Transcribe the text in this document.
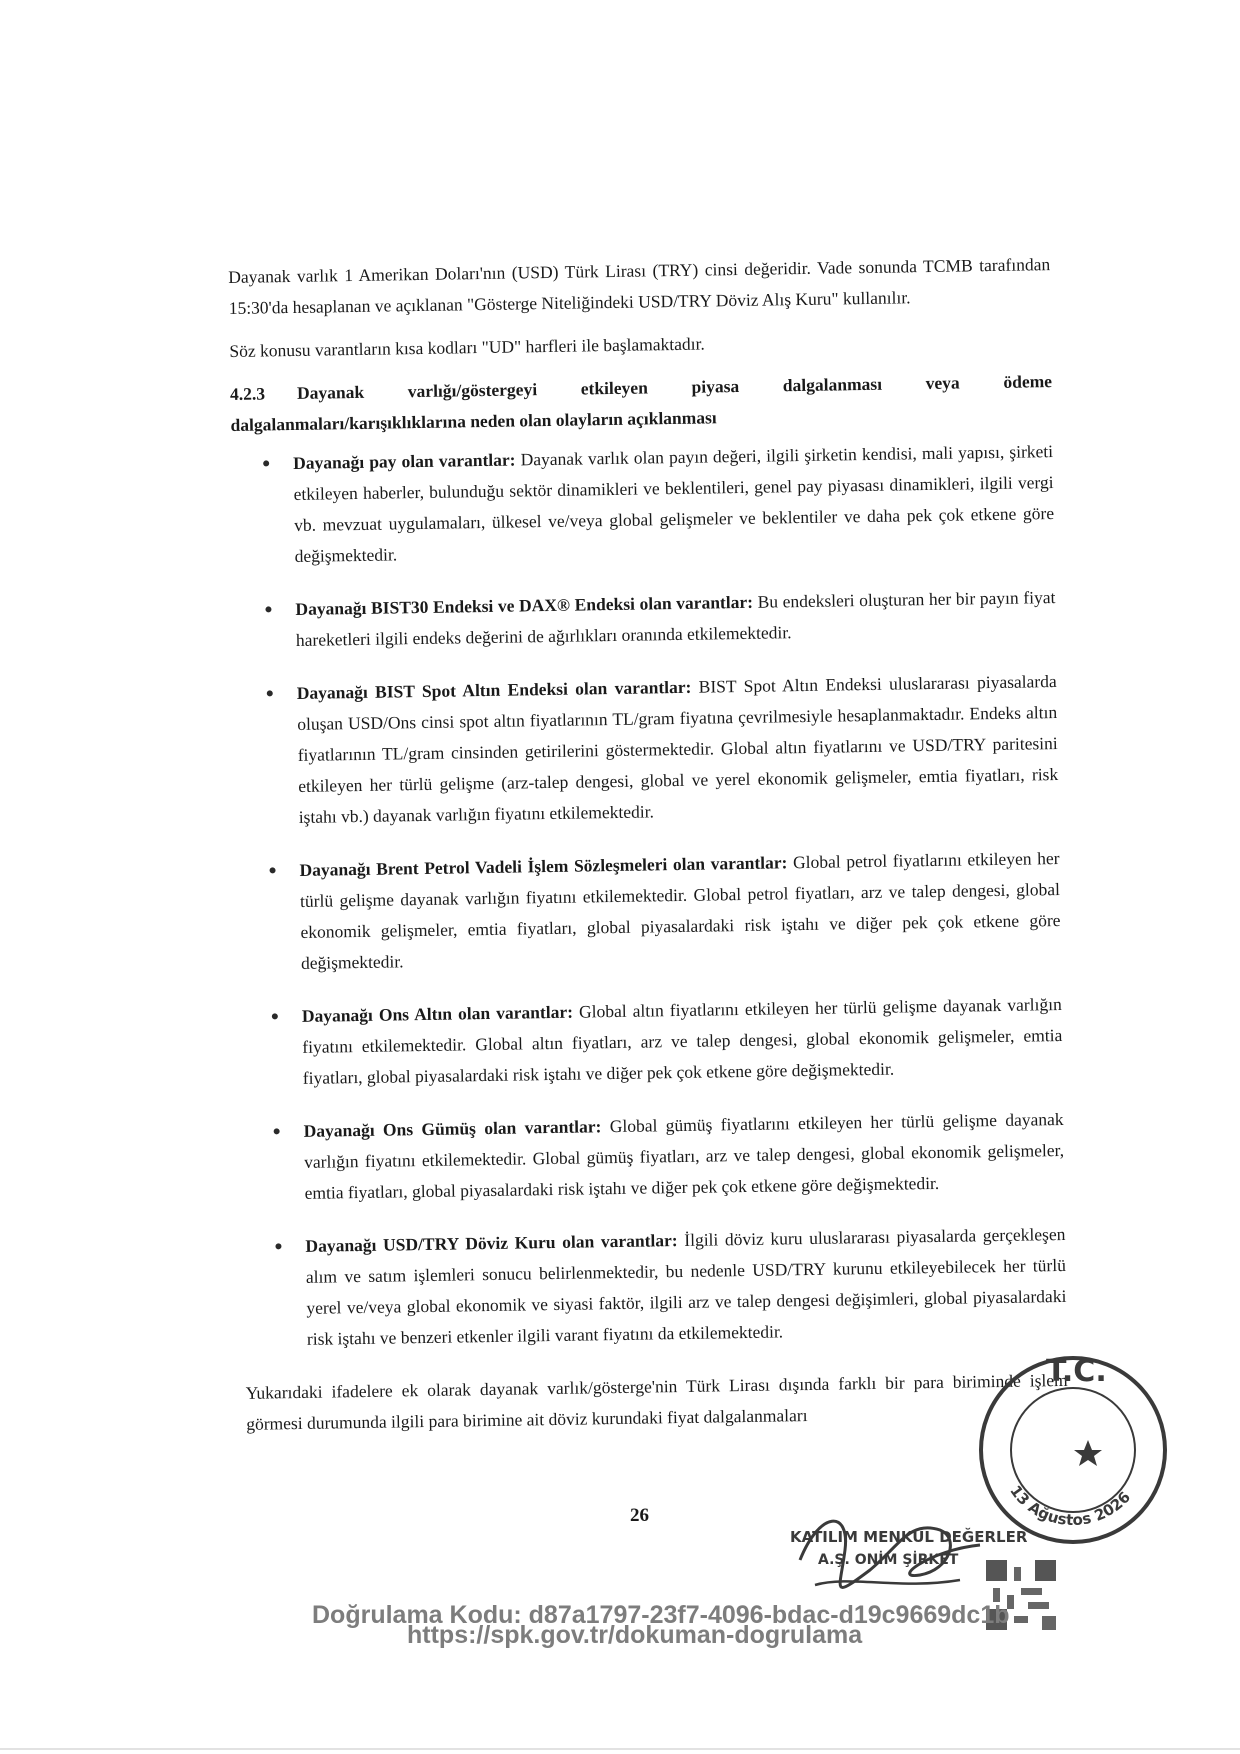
Dayanak varlık 1 Amerikan Doları'nın (USD) Türk Lirası (TRY) cinsi değeridir. Vade sonunda TCMB tarafından 15:30'da hesaplanan ve açıklanan "Gösterge Niteliğindeki USD/TRY Döviz Alış Kuru" kullanılır.

Söz konusu varantların kısa kodları "UD" harfleri ile başlamaktadır.

4.2.3 Dayanak varlığı/göstergeyi etkileyen piyasa dalgalanması veya ödeme dalgalanmaları/karışıklıklarına neden olan olayların açıklanması
Dayanağı pay olan varantlar: Dayanak varlık olan payın değeri, ilgili şirketin kendisi, mali yapısı, şirketi etkileyen haberler, bulunduğu sektör dinamikleri ve beklentileri, genel pay piyasası dinamikleri, ilgili vergi vb. mevzuat uygulamaları, ülkesel ve/veya global gelişmeler ve beklentiler ve daha pek çok etkene göre değişmektedir.
Dayanağı BIST30 Endeksi ve DAX® Endeksi olan varantlar: Bu endeksleri oluşturan her bir payın fiyat hareketleri ilgili endeks değerini de ağırlıkları oranında etkilemektedir.
Dayanağı BIST Spot Altın Endeksi olan varantlar: BIST Spot Altın Endeksi uluslararası piyasalarda oluşan USD/Ons cinsi spot altın fiyatlarının TL/gram fiyatına çevrilmesiyle hesaplanmaktadır. Endeks altın fiyatlarının TL/gram cinsinden getirilerini göstermektedir. Global altın fiyatlarını ve USD/TRY paritesini etkileyen her türlü gelişme (arz-talep dengesi, global ve yerel ekonomik gelişmeler, emtia fiyatları, risk iştahı vb.) dayanak varlığın fiyatını etkilemektedir.
Dayanağı Brent Petrol Vadeli İşlem Sözleşmeleri olan varantlar: Global petrol fiyatlarını etkileyen her türlü gelişme dayanak varlığın fiyatını etkilemektedir. Global petrol fiyatları, arz ve talep dengesi, global ekonomik gelişmeler, emtia fiyatları, global piyasalardaki risk iştahı ve diğer pek çok etkene göre değişmektedir.
Dayanağı Ons Altın olan varantlar: Global altın fiyatlarını etkileyen her türlü gelişme dayanak varlığın fiyatını etkilemektedir. Global altın fiyatları, arz ve talep dengesi, global ekonomik gelişmeler, emtia fiyatları, global piyasalardaki risk iştahı ve diğer pek çok etkene göre değişmektedir.
Dayanağı Ons Gümüş olan varantlar: Global gümüş fiyatlarını etkileyen her türlü gelişme dayanak varlığın fiyatını etkilemektedir. Global gümüş fiyatları, arz ve talep dengesi, global ekonomik gelişmeler, emtia fiyatları, global piyasalardaki risk iştahı ve diğer pek çok etkene göre değişmektedir.
Dayanağı USD/TRY Döviz Kuru olan varantlar: İlgili döviz kuru uluslararası piyasalarda gerçekleşen alım ve satım işlemleri sonucu belirlenmektedir, bu nedenle USD/TRY kurunu etkileyebilecek her türlü yerel ve/veya global ekonomik ve siyasi faktör, ilgili arz ve talep dengesi değişimleri, global piyasalardaki risk iştahı ve benzeri etkenler ilgili varant fiyatını da etkilemektedir.

Yukarıdaki ifadelere ek olarak dayanak varlık/gösterge'nin Türk Lirası dışında farklı bir para biriminde işlem görmesi durumunda ilgili para birimine ait döviz kurundaki fiyat dalgalanmaları

26
T.C.
13 Ağustos 2026
KATILIM MENKUL DEĞERLER
A.Ş. ONİM ŞİRKET
Doğrulama Kodu: d87a1797-23f7-4096-bdac-d19c9669dc1b
https://spk.gov.tr/dokuman-dogrulama
